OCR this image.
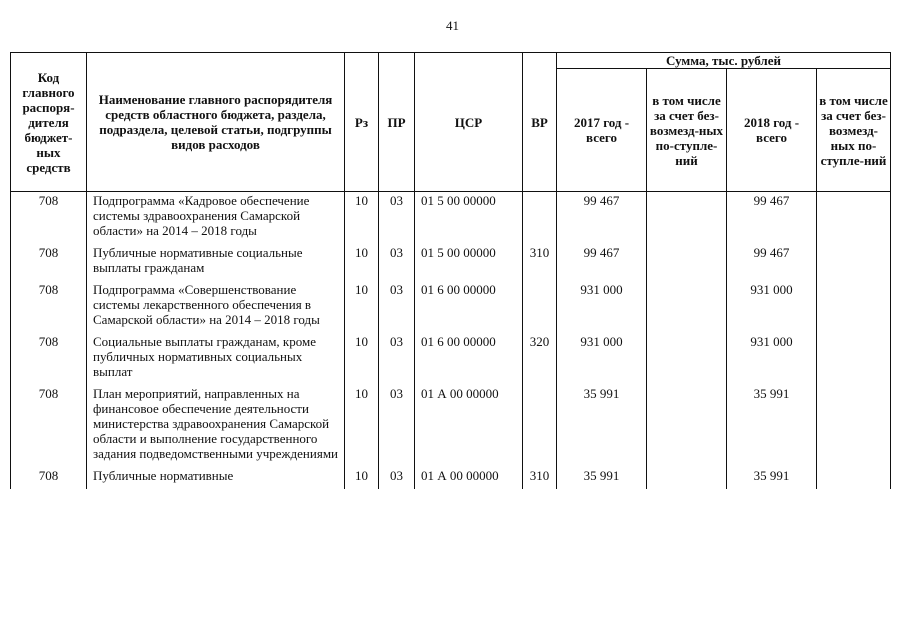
41
Код главного распоря-дителя бюджет-ных средств	Наименование главного распорядителя средств областного бюджета, раздела, подраздела, целевой статьи, подгруппы видов расходов	Рз	ПР	ЦСР	ВР	Сумма, тыс. рублей			
						2017 год - всего	в том числе за счет без-возмезд-ных по-ступле-ний	2018 год - всего	в том числе за счет без-возмезд-ных по-ступле-ний
708	Подпрограмма «Кадровое обеспечение системы здравоохранения Самарской области» на 2014 – 2018 годы	10	03	01 5 00 00000		99 467		99 467	
708	Публичные нормативные социальные выплаты гражданам	10	03	01 5 00 00000	310	99 467		99 467	
708	Подпрограмма «Совершенствование системы лекарственного обеспечения в Самарской области» на 2014 – 2018 годы	10	03	01 6 00 00000		931 000		931 000	
708	Социальные выплаты гражданам, кроме публичных нормативных социальных выплат	10	03	01 6 00 00000	320	931 000		931 000	
708	План мероприятий, направленных на финансовое обеспечение деятельности министерства здравоохранения Самарской области и выполнение государственного задания подведомственными учреждениями	10	03	01 А 00 00000		35 991		35 991	
708	Публичные нормативные	10	03	01 А 00 00000	310	35 991		35 991	
